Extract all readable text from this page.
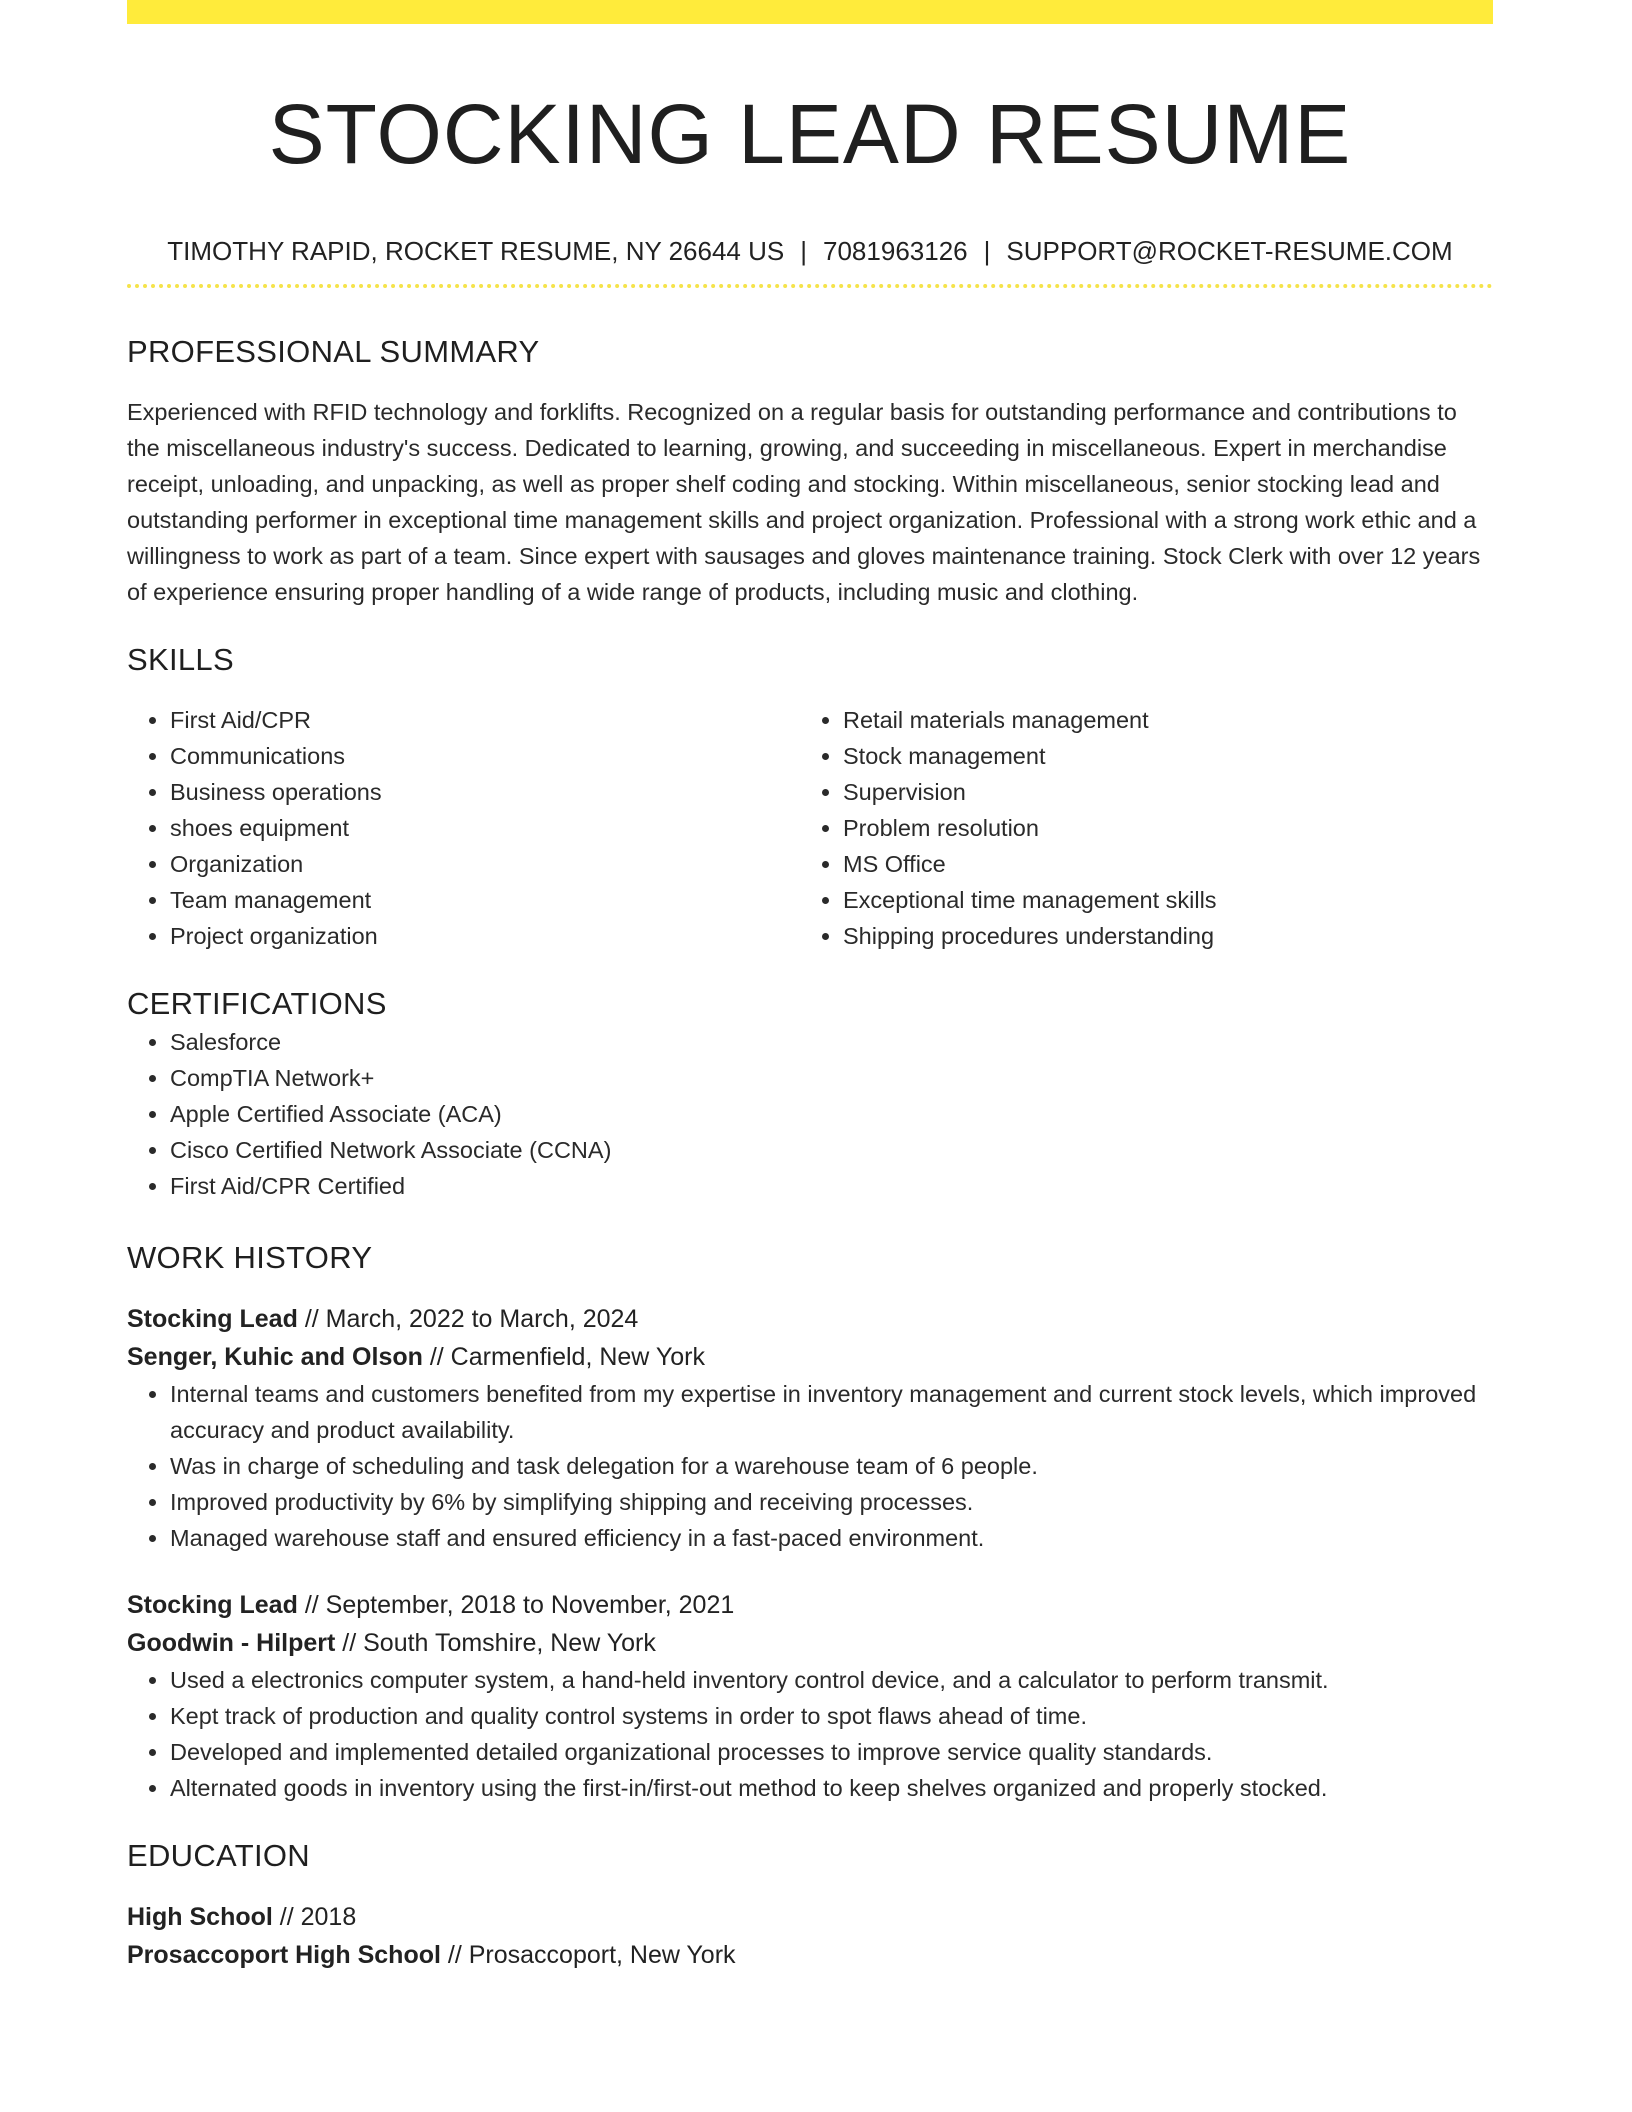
STOCKING LEAD RESUME
TIMOTHY RAPID, ROCKET RESUME, NY 26644 US | 7081963126 | SUPPORT@ROCKET-RESUME.COM
PROFESSIONAL SUMMARY

Experienced with RFID technology and forklifts. Recognized on a regular basis for outstanding performance and contributions to the miscellaneous industry's success. Dedicated to learning, growing, and succeeding in miscellaneous. Expert in merchandise receipt, unloading, and unpacking, as well as proper shelf coding and stocking. Within miscellaneous, senior stocking lead and outstanding performer in exceptional time management skills and project organization. Professional with a strong work ethic and a willingness to work as part of a team. Since expert with sausages and gloves maintenance training. Stock Clerk with over 12 years of experience ensuring proper handling of a wide range of products, including music and clothing.

SKILLS
• First Aid/CPR
• Communications
• Business operations
• shoes equipment
• Organization
• Team management
• Project organization
• Retail materials management
• Stock management
• Supervision
• Problem resolution
• MS Office
• Exceptional time management skills
• Shipping procedures understanding
CERTIFICATIONS
• Salesforce
• CompTIA Network+
• Apple Certified Associate (ACA)
• Cisco Certified Network Associate (CCNA)
• First Aid/CPR Certified
WORK HISTORY
Stocking Lead // March, 2022 to March, 2024
Senger, Kuhic and Olson // Carmenfield, New York
• Internal teams and customers benefited from my expertise in inventory management and current stock levels, which improved accuracy and product availability.
• Was in charge of scheduling and task delegation for a warehouse team of 6 people.
• Improved productivity by 6% by simplifying shipping and receiving processes.
• Managed warehouse staff and ensured efficiency in a fast-paced environment.
Stocking Lead // September, 2018 to November, 2021
Goodwin - Hilpert // South Tomshire, New York
• Used a electronics computer system, a hand-held inventory control device, and a calculator to perform transmit.
• Kept track of production and quality control systems in order to spot flaws ahead of time.
• Developed and implemented detailed organizational processes to improve service quality standards.
• Alternated goods in inventory using the first-in/first-out method to keep shelves organized and properly stocked.
EDUCATION
High School // 2018
Prosaccoport High School // Prosaccoport, New York
